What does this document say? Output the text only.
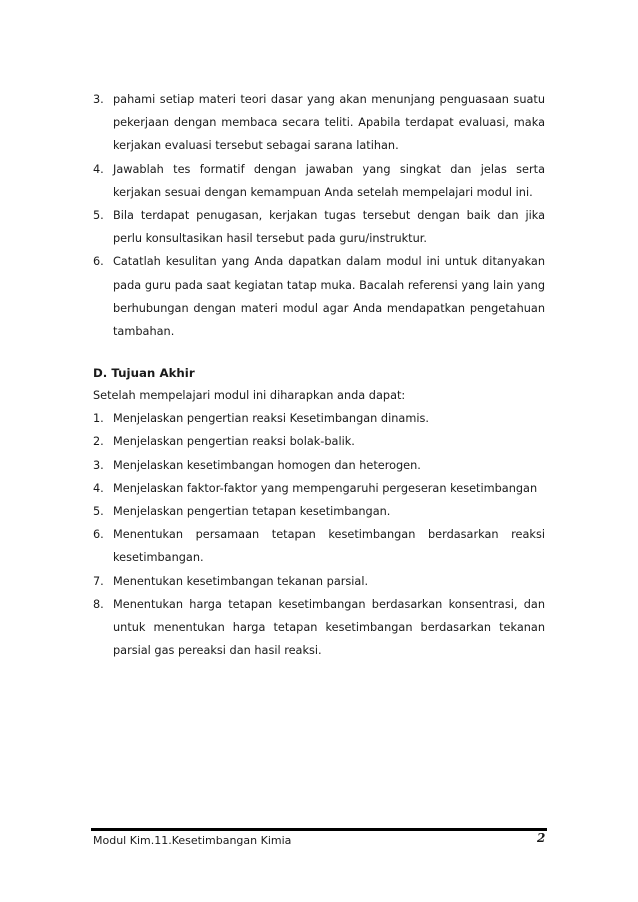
3. pahami setiap materi teori dasar yang akan menunjang penguasaan suatu pekerjaan dengan membaca secara teliti. Apabila terdapat evaluasi, maka kerjakan evaluasi tersebut sebagai sarana latihan.
4. Jawablah tes formatif dengan jawaban yang singkat dan jelas serta kerjakan sesuai dengan kemampuan Anda setelah mempelajari modul ini.
5. Bila terdapat penugasan, kerjakan tugas tersebut dengan baik dan jika perlu konsultasikan hasil tersebut pada guru/instruktur.
6. Catatlah kesulitan yang Anda dapatkan dalam modul ini untuk ditanyakan pada guru pada saat kegiatan tatap muka. Bacalah referensi yang lain yang berhubungan dengan materi modul agar Anda mendapatkan pengetahuan tambahan.
D. Tujuan Akhir
Setelah mempelajari modul ini diharapkan anda dapat:
1. Menjelaskan pengertian reaksi Kesetimbangan dinamis.
2. Menjelaskan pengertian reaksi bolak-balik.
3. Menjelaskan kesetimbangan homogen dan heterogen.
4. Menjelaskan faktor-faktor yang mempengaruhi pergeseran kesetimbangan
5. Menjelaskan pengertian tetapan kesetimbangan.
6. Menentukan persamaan tetapan kesetimbangan berdasarkan reaksi kesetimbangan.
7. Menentukan kesetimbangan tekanan parsial.
8. Menentukan harga tetapan kesetimbangan berdasarkan konsentrasi, dan untuk menentukan harga tetapan kesetimbangan berdasarkan tekanan parsial gas pereaksi dan hasil reaksi.
Modul Kim.11.Kesetimbangan Kimia	2
